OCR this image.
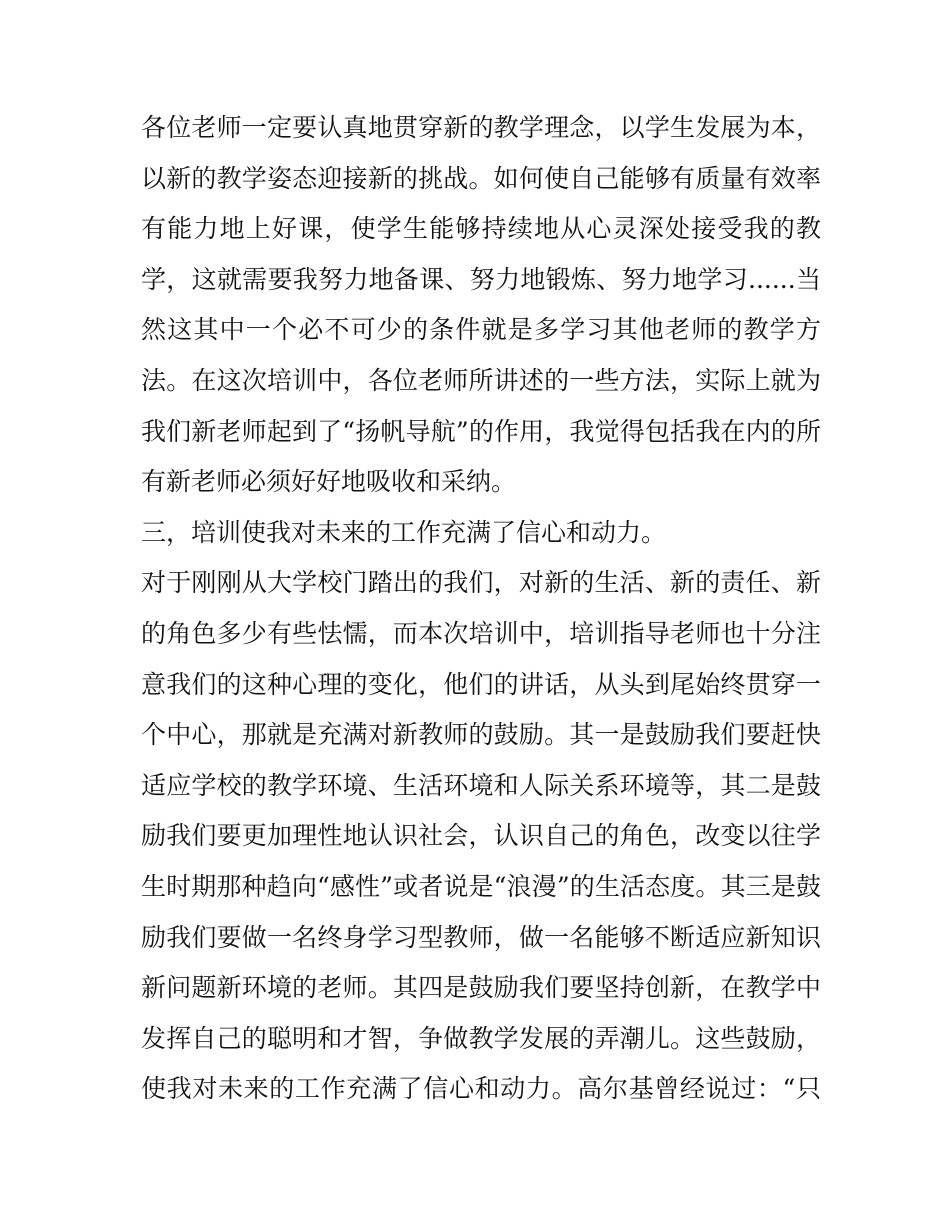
各位老师一定要认真地贯穿新的教学理念，以学生发展为本，
以新的教学姿态迎接新的挑战。如何使自己能够有质量有效率
有能力地上好课，使学生能够持续地从心灵深处接受我的教
学，这就需要我努力地备课、努力地锻炼、努力地学习......当
然这其中一个必不可少的条件就是多学习其他老师的教学方
法。在这次培训中，各位老师所讲述的一些方法，实际上就为
我们新老师起到了“扬帆导航”的作用，我觉得包括我在内的所
有新老师必须好好地吸收和采纳。
三，培训使我对未来的工作充满了信心和动力。
对于刚刚从大学校门踏出的我们，对新的生活、新的责任、新
的角色多少有些怯懦，而本次培训中，培训指导老师也十分注
意我们的这种心理的变化，他们的讲话，从头到尾始终贯穿一
个中心，那就是充满对新教师的鼓励。其一是鼓励我们要赶快
适应学校的教学环境、生活环境和人际关系环境等，其二是鼓
励我们要更加理性地认识社会，认识自己的角色，改变以往学
生时期那种趋向“感性”或者说是“浪漫”的生活态度。其三是鼓
励我们要做一名终身学习型教师，做一名能够不断适应新知识
新问题新环境的老师。其四是鼓励我们要坚持创新，在教学中
发挥自己的聪明和才智，争做教学发展的弄潮儿。这些鼓励，
使我对未来的工作充满了信心和动力。高尔基曾经说过：“只
